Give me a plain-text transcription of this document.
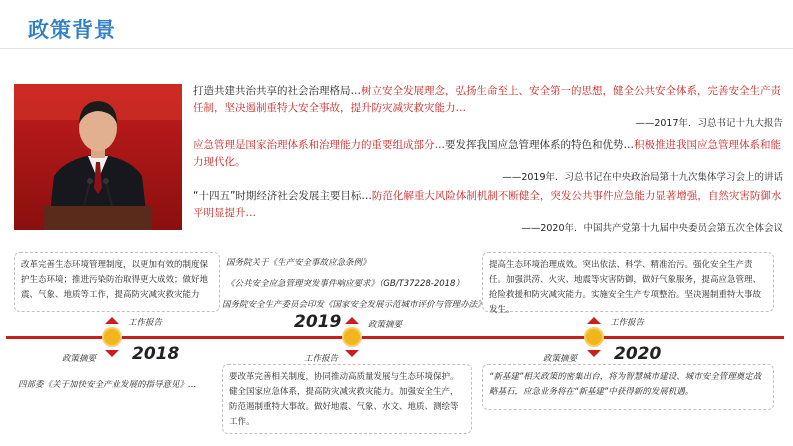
政策背景
打造共建共治共享的社会治理格局…树立安全发展理念，弘扬生命至上、安全第一的思想，健全公共安全体系，完善安全生产责任制，坚决遏制重特大安全事故，提升防灾减灾救灾能力…
——2017年．习总书记十九大报告
应急管理是国家治理体系和治理能力的重要组成部分…要发挥我国应急管理体系的特色和优势…积极推进我国应急管理体系和能力现代化。
——2019年．习总书记在中央政治局第十九次集体学习会上的讲话
“十四五”时期经济社会发展主要目标…防范化解重大风险体制机制不断健全，突发公共事件应急能力显著增强，自然灾害防御水平明显提升…
——2020年．中国共产党第十九届中央委员会第五次全体会议
改革完善生态环境管理制度，以更加有效的制度保护生态环境；推进污染防治取得更大成效；做好地震、气象、地质等工作，提高防灾减灾救灾能力
提高生态环境治理成效。突出依法、科学、精准治污。强化安全生产责任。加强洪涝、火灾、地震等灾害防御，做好气象服务，提高应急管理、抢险救援和防灾减灾能力。实施安全生产专项整治。坚决遏制重特大事故发生。
国务院关于《生产安全事故应急条例》
《公共安全应急管理突发事件响应要求》（GB/T37228-2018）
国务院安全生产委员会印发《国家安全发展示范城市评价与管理办法》
工作报告
政策摘要 2018
2019	政策摘要
工作报告
工作报告
政策摘要 2020
四部委《关于加快安全产业发展的指导意见》…
要改革完善相关制度，协同推动高质量发展与生态环境保护。健全国家应急体系，提高防灾减灾救灾能力。加强安全生产，防范遏制重特大事故。做好地震、气象、水文、地质、测绘等工作。
“新基建”相关政策的密集出台，将为智慧城市建设、城市安全管理奠定战略基石，应急业务将在“新基建”中获得新的发展机遇。
